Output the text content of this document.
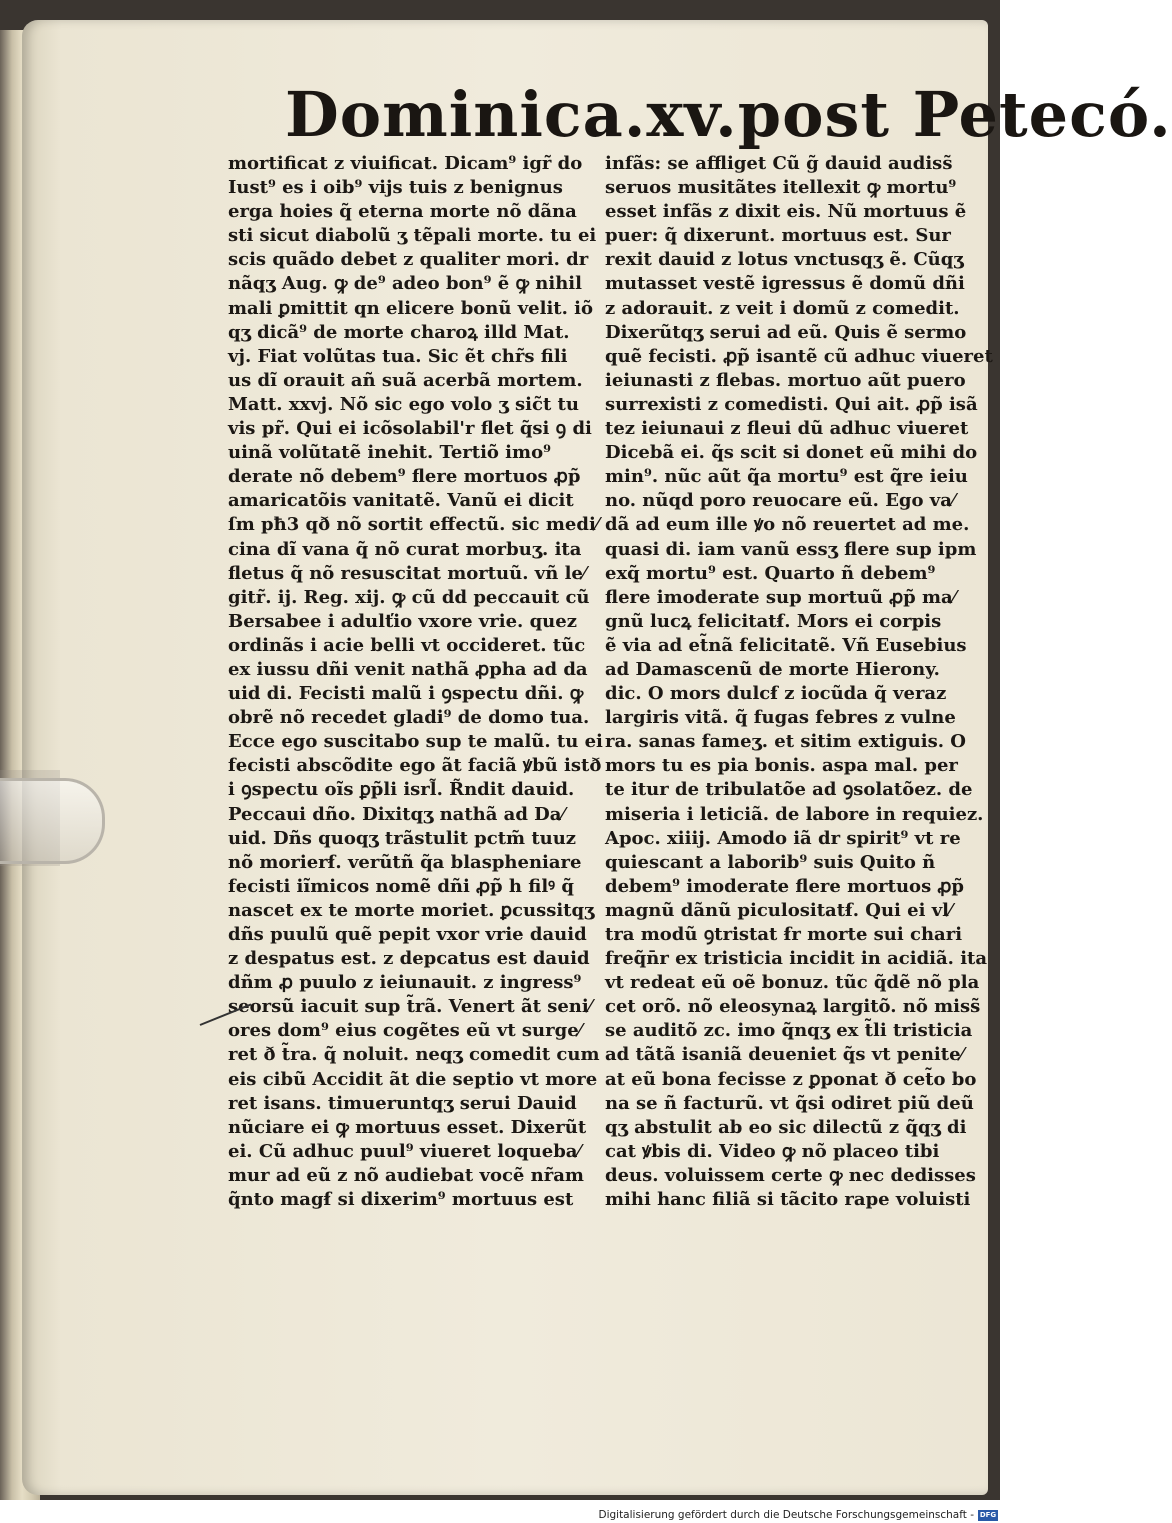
Dominica.xv.post Petecó.
mortificat z viuificat. Dicam⁹ igr̃ do
Iust⁹ es i oib⁹ vijs tuis z benignus
erga hoies q̃ eterna morte nõ dãna
sti sicut diabolũ ʒ tẽpali morte. tu ei
scis quãdo debet z qualiter mori. dr
nãqʒ Aug. ꝙ de⁹ adeo bon⁹ ẽ ꝙ nihil
mali ꝑmittit qn elicere bonũ velit. iõ
qʒ dicã⁹ de morte charoꝝ illd Mat.
vj. Fiat volũtas tua. Sic ẽt chr̃s fili
us dĩ orauit añ suã acerbã mortem.
Matt. xxvj. Nõ sic ego volo ʒ sic̃t tu
vis pr̃. Qui ei icõsolabil'r flet q̃si ꝯ di
uinã volũtatẽ inehit. Tertiõ imo⁹
derate nõ debem⁹ flere mortuos ꝓp̃
amaricatõis vanitatẽ. Vanũ ei dicit
ſm pħ3 qð nõ sortit effectũ. sic medi⁄
cina dĩ vana q̃ nõ curat morbuʒ. ita
fletus q̃ nõ resuscitat mortuũ. vñ le⁄
gitr̃. ij. Reg. xij. ꝙ cũ dd peccauit cũ
Bersabee i adulťio vxore vrie. quez
ordinãs i acie belli vt occideret. tũc
ex iussu dñi venit nathã ꝓpha ad da
uid di. Fecisti malũ i ꝯspectu dñi. ꝙ
obrẽ nõ recedet gladi⁹ de domo tua.
Ecce ego suscitabo sup te malũ. tu ei
fecisti abscõdite ego ãt faciã ꝟbũ istð
i ꝯspectu oĩs ꝑp̃li isrl̃. R̃ndit dauid.
Peccaui dño. Dixitqʒ nathã ad Da⁄
uid. Dñs quoqʒ trãstulit pctm̃ tuuz
nõ morierẜ. verũtñ q̃a blaspheniare
fecisti iĩmicos nomẽ dñi ꝓp̃ h filꝰ q̃
nascet ex te morte moriet. ꝑcussitqʒ
dñs puulũ quẽ pepit vxor vrie dauid
z despatus est. z depcatus est dauid
dñm ꝓ puulo z ieiunauit. z ingress⁹
seorsũ iacuit sup t̃rã. Venert ãt seni⁄
ores dom⁹ eius cogẽtes eũ vt surge⁄
ret ð t̃ra. q̃ noluit. neqʒ comedit cum
eis cibũ Accidit ãt die septio vt more
ret isans. timueruntqʒ serui Dauid
nũciare ei ꝙ mortuus esset. Dixerũt
ei. Cũ adhuc puul⁹ viueret loqueba⁄
mur ad eũ z nõ audiebat vocẽ nr̃am
q̃nto magẜ si dixerim⁹ mortuus est
infãs: se affliget Cũ g̃ dauid audiss̃
seruos musitãtes itellexit ꝙ mortu⁹
esset infãs z dixit eis. Nũ mortuus ẽ
puer: q̃ dixerunt. mortuus est. Sur
rexit dauid z lotus vnctusqʒ ẽ. Cũqʒ
mutasset vestẽ igressus ẽ domũ dñi
z adorauit. z veit i domũ z comedit.
Dixerũtqʒ serui ad eũ. Quis ẽ sermo
quẽ fecisti. ꝓp̃ isantẽ cũ adhuc viueret
ieiunasti z flebas. mortuo aũt puero
surrexisti z comedisti. Qui ait. ꝓp̃ isã
tez ieiunaui z fleui dũ adhuc viueret
Dicebã ei. q̃s scit si donet eũ mihi do
min⁹. nũc aũt q̃a mortu⁹ est q̃re ieiu
no. nũqd poro reuocare eũ. Ego va⁄
dã ad eum ille ꝟo nõ reuertet ad me.
quasi di. iam vanũ essʒ flere sup ipm
exq̃ mortu⁹ est. Quarto ñ debem⁹
flere imoderate sup mortuũ ꝓp̃ ma⁄
gnũ lucꝝ felicitatẜ. Mors ei corpis
ẽ via ad et̃nã felicitatẽ. Vñ Eusebius
ad Damascenũ de morte Hierony.
dic. O mors dulcẜ z iocũda q̃ veraz
largiris vitã. q̃ fugas febres z vulne
ra. sanas fameʒ. et sitim extiguis. O
mors tu es pia bonis. aspa mal. per
te itur de tribulatõe ad ꝯsolatõez. de
miseria i leticiã. de labore in requiez.
Apoc. xiiij. Amodo iã dr spirit⁹ vt re
quiescant a laborib⁹ suis Quito ñ
debem⁹ imoderate flere mortuos ꝓp̃
magnũ dãnũ piculositatẜ. Qui ei vl⁄
tra modũ ꝯtristat ẜr morte sui chari
freq̃n̄r ex tristicia incidit in acidiã. ita
vt redeat eũ oẽ bonuz. tũc q̃dẽ nõ pla
cet orõ. nõ eleosynaꝝ largitõ. nõ miss̃
se auditõ zc. imo q̃nqʒ ex t̃li tristicia
ad tãtã isaniã deueniet q̃s vt penite⁄
at eũ bona fecisse z ꝑponat ð cet̃o bo
na se ñ facturũ. vt q̃si odiret piũ deũ
qʒ abstulit ab eo sic dilectũ z q̃qʒ di
cat ꝟbis di. Video ꝙ nõ placeo tibi
deus. voluissem certe ꝙ nec dedisses
mihi hanc filiã si tãcito rape voluisti
Digitalisierung gefördert durch die Deutsche Forschungsgemeinschaft - DFG
